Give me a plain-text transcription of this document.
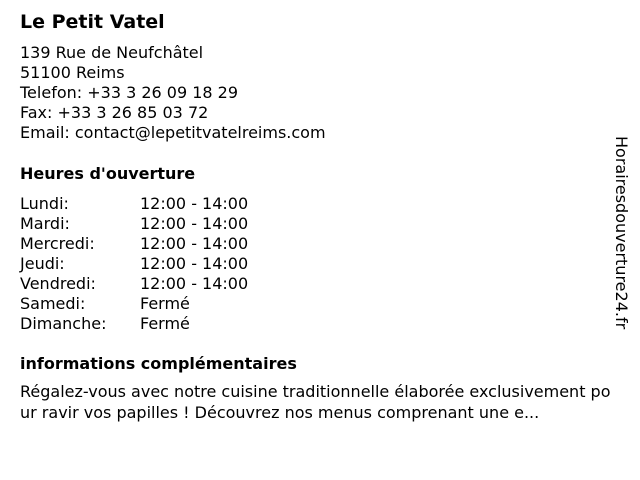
Le Petit Vatel
139 Rue de Neufchâtel
51100 Reims
Telefon: +33 3 26 09 18 29
Fax: +33 3 26 85 03 72
Email: contact@lepetitvatelreims.com
Heures d'ouverture
Lundi:	12:00 - 14:00
Mardi:	12:00 - 14:00
Mercredi:	12:00 - 14:00
Jeudi:	12:00 - 14:00
Vendredi:	12:00 - 14:00
Samedi:	Fermé
Dimanche:	Fermé
informations complémentaires
Régalez-vous avec notre cuisine traditionnelle élaborée exclusivement pour ravir vos papilles ! Découvrez nos menus comprenant une e...
Horairesdouverture24.fr
